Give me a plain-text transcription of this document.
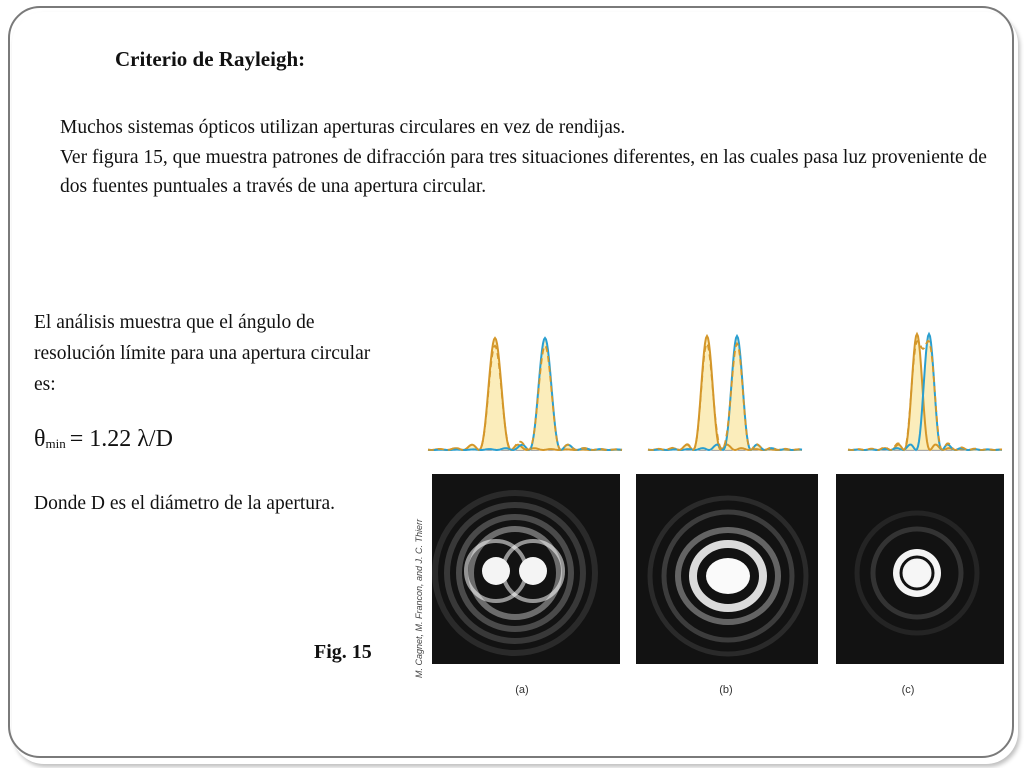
Criterio de Rayleigh:

Muchos sistemas ópticos utilizan aperturas circulares en vez de rendijas.

Ver figura 15, que muestra patrones de difracción para tres situaciones diferentes, en las cuales pasa luz proveniente de dos fuentes puntuales a través de una apertura circular.

El análisis muestra que el ángulo de resolución límite para una apertura circular es:
$\theta_{min} = 1.22$ λ/D
Donde D es el diámetro de la apertura.
Fig. 15	M. Cagnet, M. Francon, and J. C. Thierr
(a)	(b)	(c)
